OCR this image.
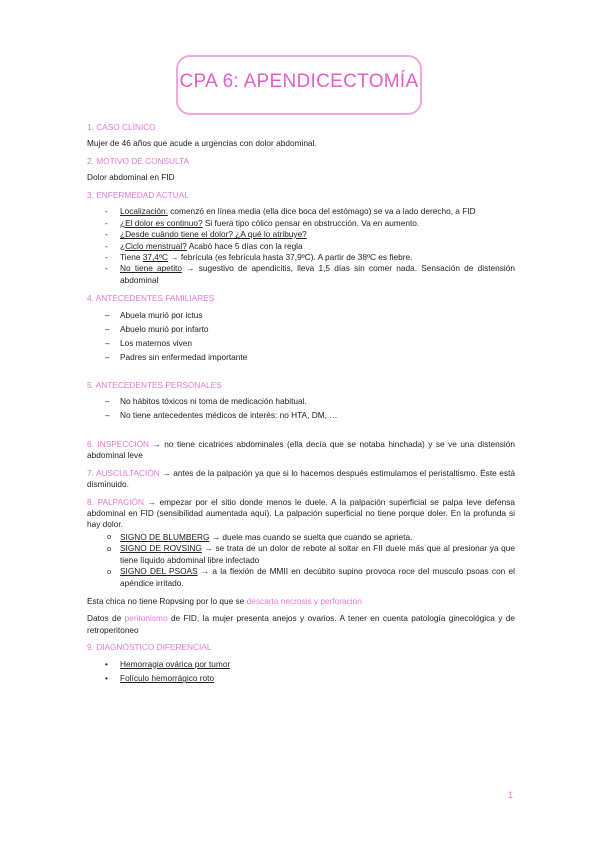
CPA 6: APENDICECTOMÍA
1. CASO CLÍNICO

Mujer de 46 años que acude a urgencias con dolor abdominal.

2. MOTIVO DE CONSULTA

Dolor abdominal en FID

3. ENFERMEDAD ACTUAL
- Localización: comenzó en línea media (ella dice boca del estómago) se va a lado derecho, a FID
- ¿El dolor es continuo? Si fuera tipo cólico pensar en obstrucción. Va en aumento.
- ¿Desde cuándo tiene el dolor? ¿A qué lo atribuye?
- ¿Ciclo menstrual? Acabó hace 5 días con la regla
- Tiene 37,4ºC → febrícula (es febrícula hasta 37,9ºC). A partir de 38ºC es fiebre.
- No tiene apetito → sugestivo de apendicitis, lleva 1,5 días sin comer nada. Sensación de distensión abdominal
4. ANTECEDENTES FAMILIARES
– Abuela murió por ictus
– Abuelo murió por infarto
– Los maternos viven
– Padres sin enfermedad importante
5. ANTECEDENTES PERSONALES
– No hábitos tóxicos ni toma de medicación habitual.
– No tiene antecedentes médicos de interés: no HTA, DM, …

6. INSPECCIÓN → no tiene cicatrices abdominales (ella decía que se notaba hinchada) y se ve una distensión abdominal leve

7. AUSCULTACIÓN → antes de la palpación ya que si lo hacemos después estimulamos el peristaltismo. Éste está disminuido.

8. PALPACIÓN → empezar por el sitio donde menos le duele. A la palpación superficial se palpa leve defensa abdominal en FID (sensibilidad aumentada aquí). La palpación superficial no tiene porque doler. En la profunda si hay dolor.

o SIGNO DE BLUMBERG → duele mas cuando se suelta que cuando se aprieta.
o SIGNO DE ROVSING → se trata de un dolor de rebote al soltar en FII duele más que al presionar ya que tiene líquido abdominal libre infectado
o SIGNO DEL PSOAS → a la flexión de MMII en decúbito supino provoca roce del musculo psoas con el apéndice irritado.

Esta chica no tiene Ropvsing por lo que se descarta necrosis y perforación

Datos de peritonismo de FID, la mujer presenta anejos y ovarios. A tener en cuenta patología ginecológica y de retroperitoneo

9. DIAGNÓSTICO DIFERENCIAL
• Hemorragia ovárica por tumor
• Folículo hemorrágico roto
1
